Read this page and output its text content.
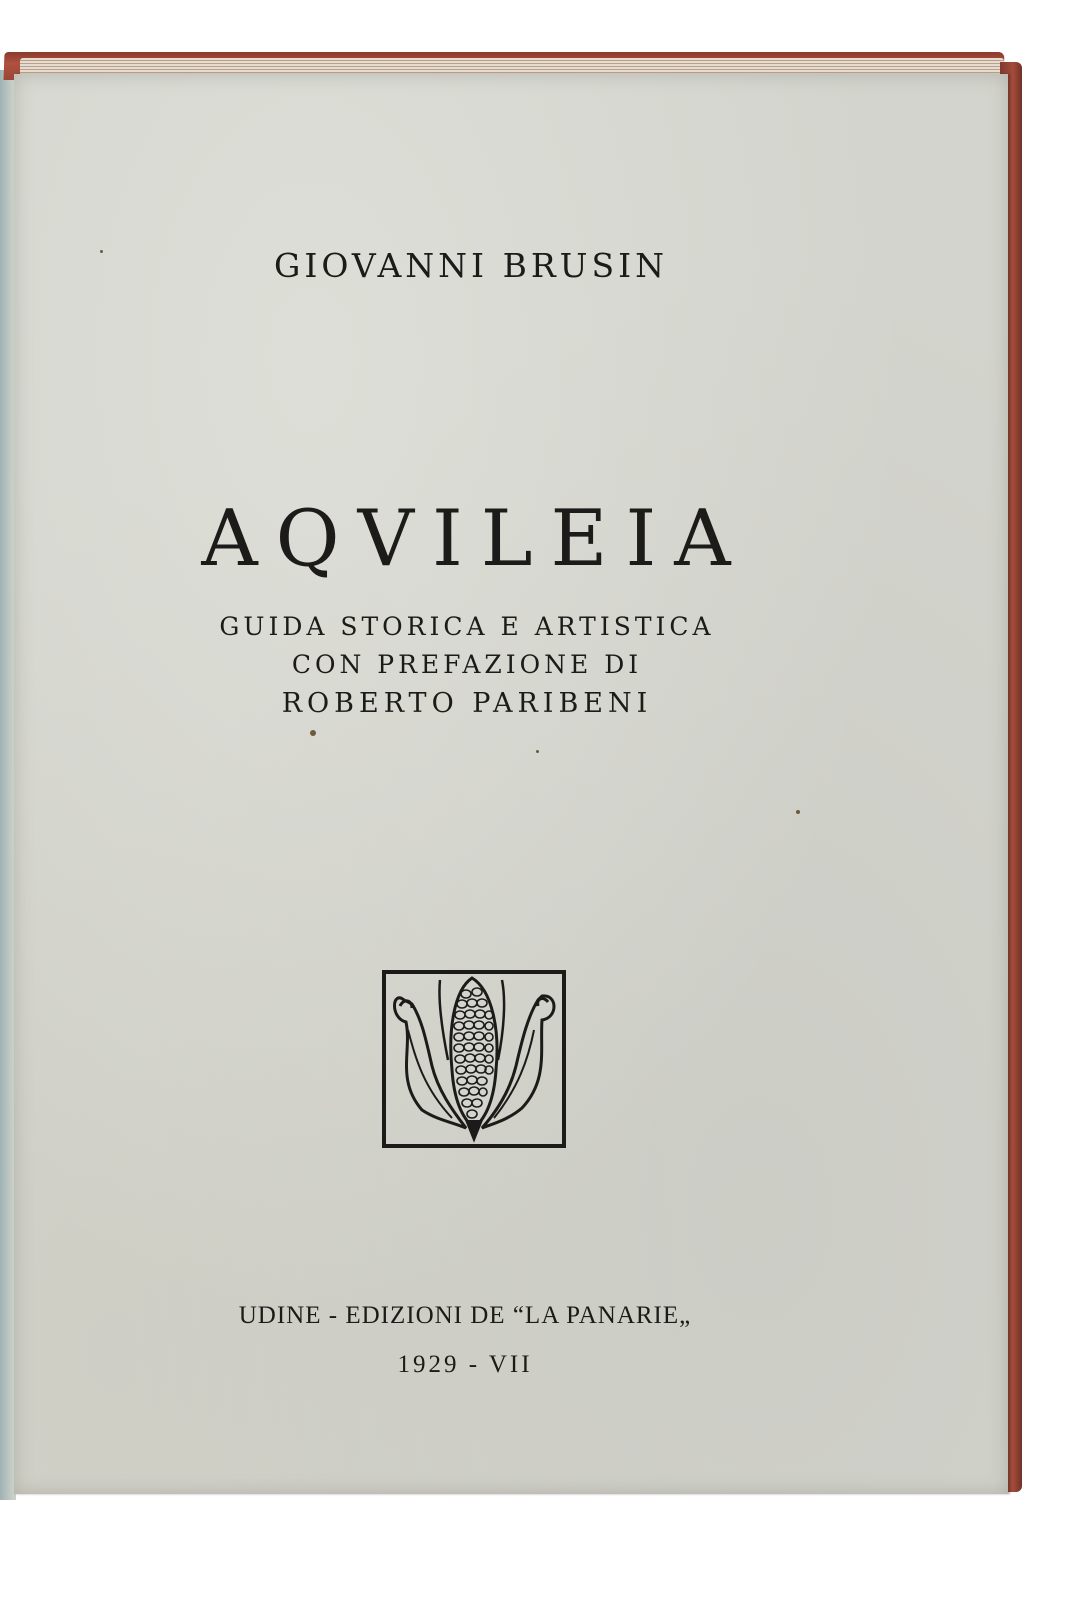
GIOVANNI BRUSIN
AQVILEIA
GUIDA STORICA E ARTISTICA
CON PREFAZIONE DI
ROBERTO PARIBENI
UDINE - EDIZIONI DE “LA PANARIE„
1929 - VII
